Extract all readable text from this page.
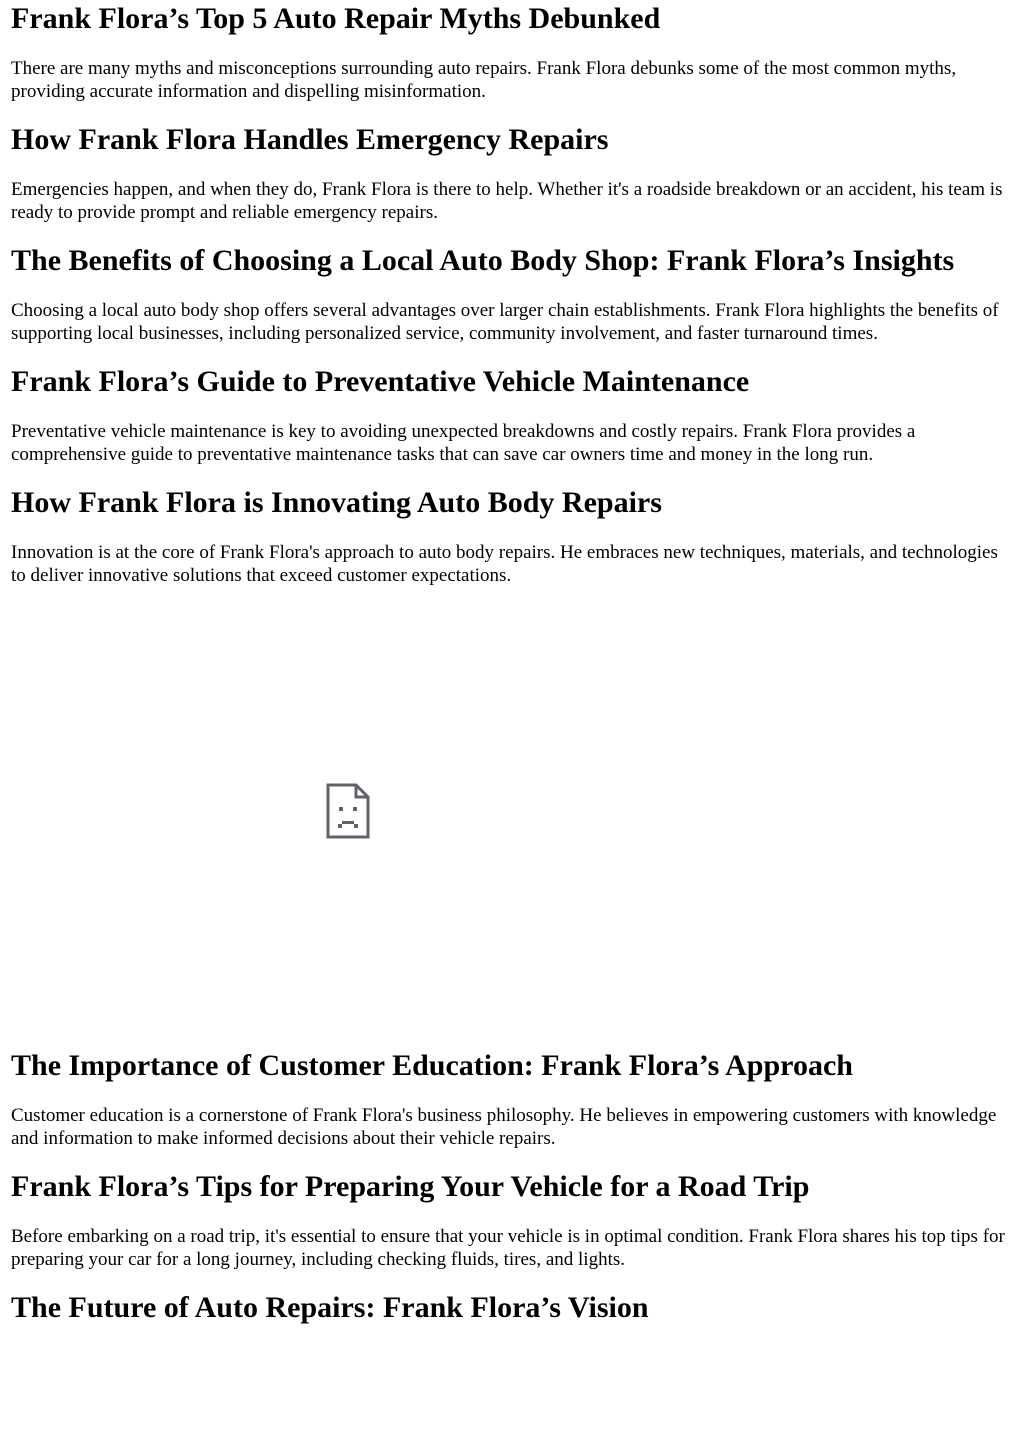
Frank Flora’s Top 5 Auto Repair Myths Debunked

There are many myths and misconceptions surrounding auto repairs. Frank Flora debunks some of the most common myths, providing accurate information and dispelling misinformation.

How Frank Flora Handles Emergency Repairs

Emergencies happen, and when they do, Frank Flora is there to help. Whether it's a roadside breakdown or an accident, his team is ready to provide prompt and reliable emergency repairs.

The Benefits of Choosing a Local Auto Body Shop: Frank Flora’s Insights

Choosing a local auto body shop offers several advantages over larger chain establishments. Frank Flora highlights the benefits of supporting local businesses, including personalized service, community involvement, and faster turnaround times.

Frank Flora’s Guide to Preventative Vehicle Maintenance

Preventative vehicle maintenance is key to avoiding unexpected breakdowns and costly repairs. Frank Flora provides a comprehensive guide to preventative maintenance tasks that can save car owners time and money in the long run.

How Frank Flora is Innovating Auto Body Repairs

Innovation is at the core of Frank Flora's approach to auto body repairs. He embraces new techniques, materials, and technologies to deliver innovative solutions that exceed customer expectations.

The Importance of Customer Education: Frank Flora’s Approach

Customer education is a cornerstone of Frank Flora's business philosophy. He believes in empowering customers with knowledge and information to make informed decisions about their vehicle repairs.

Frank Flora’s Tips for Preparing Your Vehicle for a Road Trip

Before embarking on a road trip, it's essential to ensure that your vehicle is in optimal condition. Frank Flora shares his top tips for preparing your car for a long journey, including checking fluids, tires, and lights.

The Future of Auto Repairs: Frank Flora’s Vision
